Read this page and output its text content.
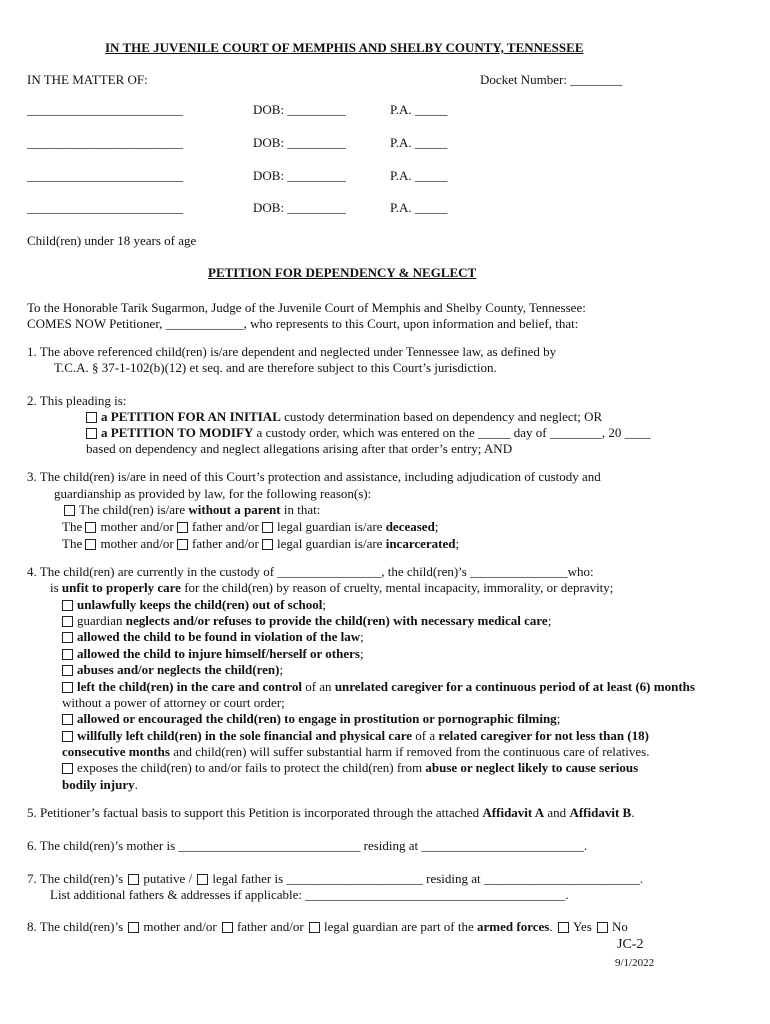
IN THE JUVENILE COURT OF MEMPHIS AND SHELBY COUNTY, TENNESSEE
IN THE MATTER OF:	Docket Number: ________
________________________	DOB: _________	P.A. _____
________________________	DOB: _________	P.A. _____
________________________	DOB: _________	P.A. _____
________________________	DOB: _________	P.A. _____
Child(ren) under 18 years of age
PETITION FOR DEPENDENCY & NEGLECT
To the Honorable Tarik Sugarmon, Judge of the Juvenile Court of Memphis and Shelby County, Tennessee:
COMES NOW Petitioner, ____________, who represents to this Court, upon information and belief, that:
1. The above referenced child(ren) is/are dependent and neglected under Tennessee law, as defined by
T.C.A. § 37-1-102(b)(12) et seq. and are therefore subject to this Court’s jurisdiction.
2. This pleading is:
a PETITION FOR AN INITIAL custody determination based on dependency and neglect; OR
a PETITION TO MODIFY a custody order, which was entered on the _____ day of ________, 20 ____
based on dependency and neglect allegations arising after that order’s entry; AND
3. The child(ren) is/are in need of this Court’s protection and assistance, including adjudication of custody and
guardianship as provided by law, for the following reason(s):
The child(ren) is/are without a parent in that:
The mother and/or father and/or legal guardian is/are deceased;
The mother and/or father and/or legal guardian is/are incarcerated;
4. The child(ren) are currently in the custody of ________________, the child(ren)’s _______________who:
is unfit to properly care for the child(ren) by reason of cruelty, mental incapacity, immorality, or depravity;
unlawfully keeps the child(ren) out of school;
guardian neglects and/or refuses to provide the child(ren) with necessary medical care;
allowed the child to be found in violation of the law;
allowed the child to injure himself/herself or others;
abuses and/or neglects the child(ren);
left the child(ren) in the care and control of an unrelated caregiver for a continuous period of at least (6) months
without a power of attorney or court order;
allowed or encouraged the child(ren) to engage in prostitution or pornographic filming;
willfully left child(ren) in the sole financial and physical care of a related caregiver for not less than (18)
consecutive months and child(ren) will suffer substantial harm if removed from the continuous care of relatives.
exposes the child(ren) to and/or fails to protect the child(ren) from abuse or neglect likely to cause serious
bodily injury.
5. Petitioner’s factual basis to support this Petition is incorporated through the attached Affidavit A and Affidavit B.
6. The child(ren)’s mother is ____________________________ residing at _________________________.
7. The child(ren)’s putative / legal father is _____________________ residing at ________________________.
List additional fathers & addresses if applicable: ________________________________________.
8. The child(ren)’s mother and/or father and/or legal guardian are part of the armed forces. Yes No
JC-2
9/1/2022
